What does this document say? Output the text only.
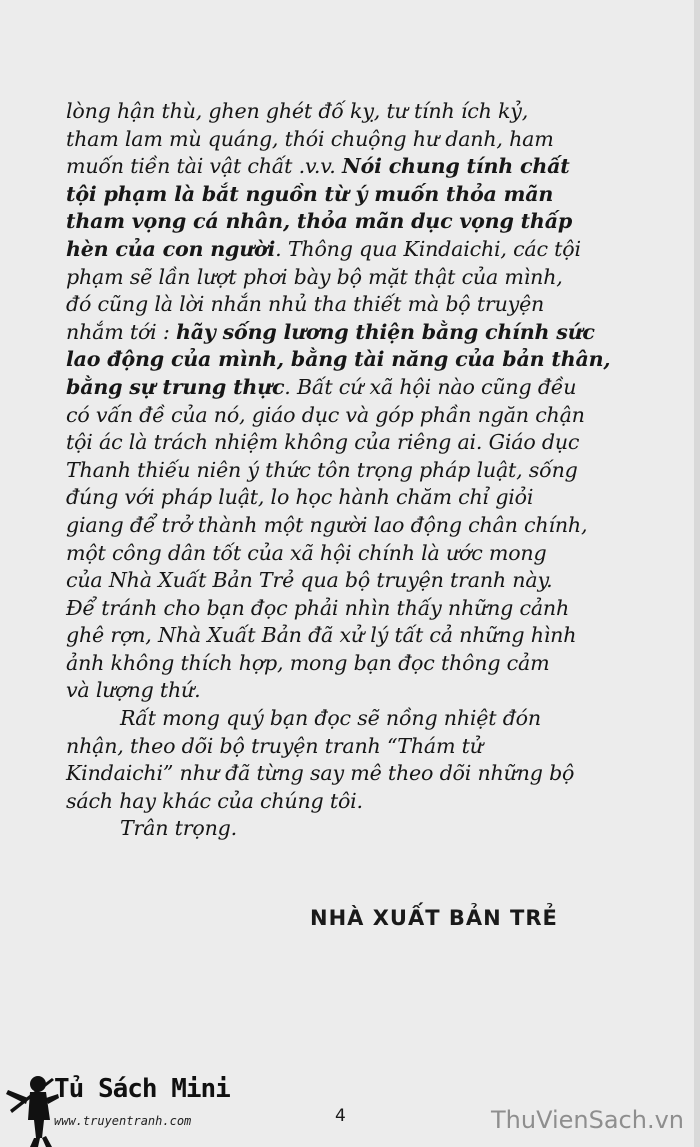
lòng hận thù, ghen ghét đố kỵ, tư tính ích kỷ,
tham lam mù quáng, thói chuộng hư danh, ham
muốn tiền tài vật chất .v.v. Nói chung tính chất
tội phạm là bắt nguồn từ ý muốn thỏa mãn
tham vọng cá nhân, thỏa mãn dục vọng thấp
hèn của con người. Thông qua Kindaichi, các tội
phạm sẽ lần lượt phơi bày bộ mặt thật của mình,
đó cũng là lời nhắn nhủ tha thiết mà bộ truyện
nhắm tới : hãy sống lương thiện bằng chính sức
lao động của mình, bằng tài năng của bản thân,
bằng sự trung thực. Bất cứ xã hội nào cũng đều
có vấn đề của nó, giáo dục và góp phần ngăn chận
tội ác là trách nhiệm không của riêng ai. Giáo dục
Thanh thiếu niên ý thức tôn trọng pháp luật, sống
đúng với pháp luật, lo học hành chăm chỉ giỏi
giang để trở thành một người lao động chân chính,
một công dân tốt của xã hội chính là ước mong
của Nhà Xuất Bản Trẻ qua bộ truyện tranh này.
Để tránh cho bạn đọc phải nhìn thấy những cảnh
ghê rợn, Nhà Xuất Bản đã xử lý tất cả những hình
ảnh không thích hợp, mong bạn đọc thông cảm
và lượng thứ.
Rất mong quý bạn đọc sẽ nồng nhiệt đón
nhận, theo dõi bộ truyện tranh “Thám tử
Kindaichi” như đã từng say mê theo dõi những bộ
sách hay khác của chúng tôi.
Trân trọng.
NHÀ XUẤT BẢN TRẺ
Tủ Sách Mini
www.truyentranh.com	4	ThuVienSach.vn
